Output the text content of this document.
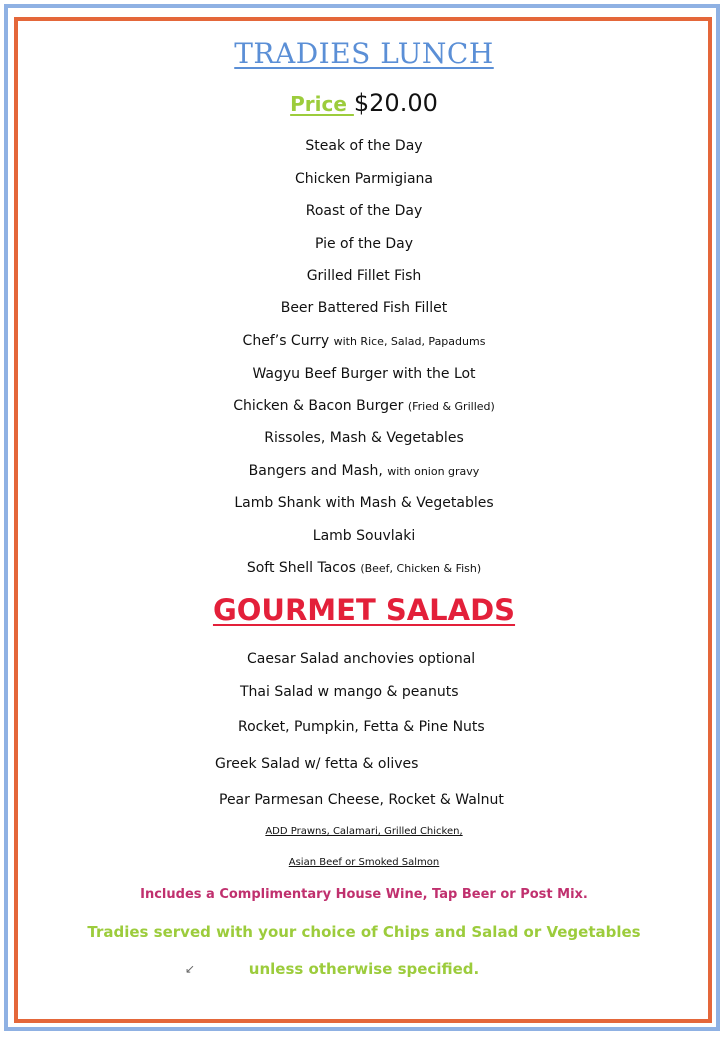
TRADIES LUNCH

Price $20.00

Steak of the Day
Chicken Parmigiana
Roast of the Day
Pie of the Day
Grilled Fillet Fish
Beer Battered Fish Fillet
Chef’s Curry with Rice, Salad, Papadums
Wagyu Beef Burger with the Lot
Chicken & Bacon Burger (Fried & Grilled)
Rissoles, Mash & Vegetables
Bangers and Mash, with onion gravy
Lamb Shank with Mash & Vegetables
Lamb Souvlaki
Soft Shell Tacos (Beef, Chicken & Fish)
GOURMET SALADS
Caesar Salad anchovies optional
Thai Salad w mango & peanuts
Rocket, Pumpkin, Fetta & Pine Nuts
Greek Salad w/ fetta & olives
Pear Parmesan Cheese, Rocket & Walnut
ADD Prawns, Calamari, Grilled Chicken,
Asian Beef or Smoked Salmon
Includes a Complimentary House Wine, Tap Beer or Post Mix.
Tradies served with your choice of Chips and Salad or Vegetables
unless otherwise specified.
↙
